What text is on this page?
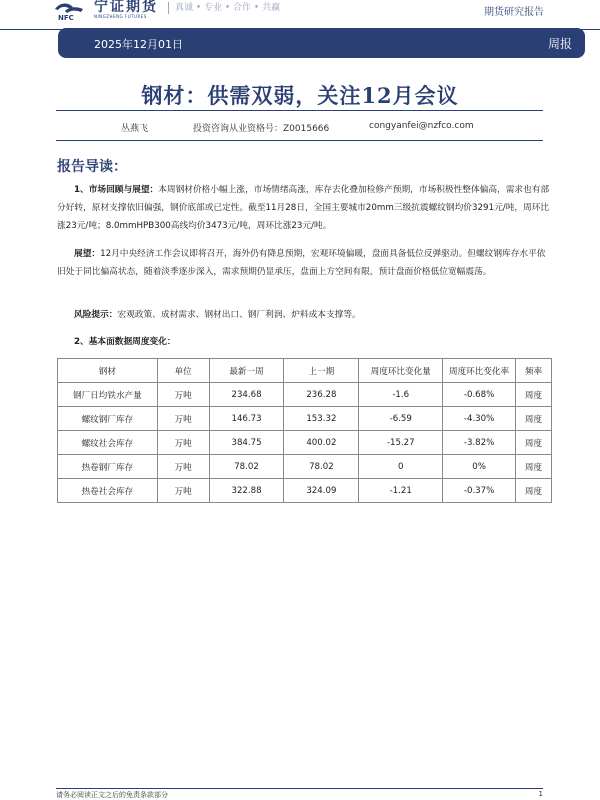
宁证期货
NFC	NINGZHENG FUTURES
真诚 • 专业 • 合作 • 共赢	期货研究报告
2025年12月01日	周报
钢材：供需双弱，关注12月会议
丛燕飞	投资咨询从业资格号：Z0015666	congyanfei@nzfco.com
报告导读：
1、市场回顾与展望：本周钢材价格小幅上涨，市场情绪高涨，库存去化叠加检修产预期，市场积极性整体偏高，需求也有部分好转，原材支撑依旧偏强，钢价底部或已定性。截至11月28日，全国主要城市20mm三级抗震螺纹钢均价3291元/吨，周环比涨23元/吨；8.0mmHPB300高线均价3473元/吨，周环比涨23元/吨。
展望：12月中央经济工作会议即将召开，海外仍有降息预期，宏观环境偏暖，盘面具备低位反弹驱动。但螺纹钢库存水平依旧处于同比偏高状态，随着淡季逐步深入，需求预期仍显承压，盘面上方空间有限，预计盘面价格低位宽幅震荡。
风险提示：宏观政策、成材需求、钢材出口、钢厂利润、炉料成本支撑等。
2、基本面数据周度变化：
钢材	单位	最新一周	上一期	周度环比变化量	周度环比变化率	频率
钢厂日均铁水产量	万吨	234.68	236.28	-1.6	-0.68%	周度
螺纹钢厂库存	万吨	146.73	153.32	-6.59	-4.30%	周度
螺纹社会库存	万吨	384.75	400.02	-15.27	-3.82%	周度
热卷钢厂库存	万吨	78.02	78.02	0	0%	周度
热卷社会库存	万吨	322.88	324.09	-1.21	-0.37%	周度
请务必阅读正文之后的免责条款部分	1
